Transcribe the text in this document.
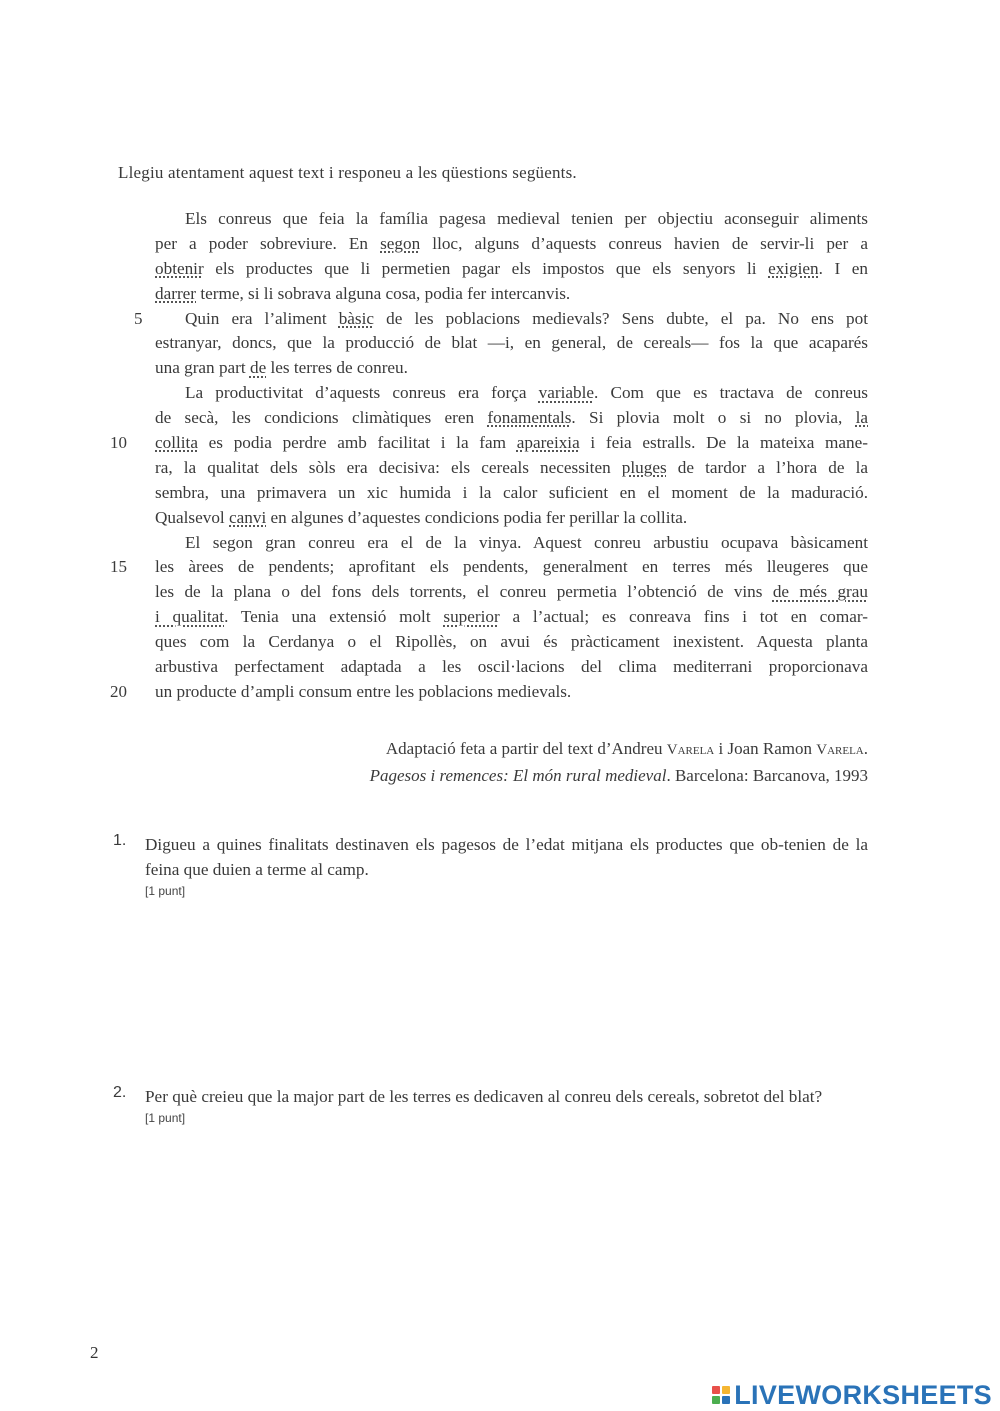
Llegiu atentament aquest text i responeu a les qüestions següents.
Els conreus que feia la família pagesa medieval tenien per objectiu aconseguir aliments
per a poder sobreviure. En segon lloc, alguns d’aquests conreus havien de servir-li per a
obtenir els productes que li permetien pagar els impostos que els senyors li exigien. I en
darrer terme, si li sobrava alguna cosa, podia fer intercanvis.
5	Quin era l’aliment bàsic de les poblacions medievals? Sens dubte, el pa. No ens pot
estranyar, doncs, que la producció de blat —i, en general, de cereals— fos la que acaparés
una gran part de les terres de conreu.
La productivitat d’aquests conreus era força variable. Com que es tractava de conreus
de secà, les condicions climàtiques eren fonamentals. Si plovia molt o si no plovia, la
10	collita es podia perdre amb facilitat i la fam apareixia i feia estralls. De la mateixa mane-
ra, la qualitat dels sòls era decisiva: els cereals necessiten pluges de tardor a l’hora de la
sembra, una primavera un xic humida i la calor suficient en el moment de la maduració.
Qualsevol canvi en algunes d’aquestes condicions podia fer perillar la collita.
El segon gran conreu era el de la vinya. Aquest conreu arbustiu ocupava bàsicament
15	les àrees de pendents; aprofitant els pendents, generalment en terres més lleugeres que
les de la plana o del fons dels torrents, el conreu permetia l’obtenció de vins de més grau
i qualitat. Tenia una extensió molt superior a l’actual; es conreava fins i tot en comar-
ques com la Cerdanya o el Ripollès, on avui és pràcticament inexistent. Aquesta planta
arbustiva perfectament adaptada a les oscil·lacions del clima mediterrani proporcionava
20	un producte d’ampli consum entre les poblacions medievals.
Adaptació feta a partir del text d’Andreu Varela i Joan Ramon Varela.
Pagesos i remences: El món rural medieval. Barcelona: Barcanova, 1993
1. Digueu a quines finalitats destinaven els pagesos de l’edat mitjana els productes que ob-tenien de la feina que duien a terme al camp.
[1 punt]
2. Per què creieu que la major part de les terres es dedicaven al conreu dels cereals, sobretot del blat?
[1 punt]
2
LIVEWORKSHEETS
